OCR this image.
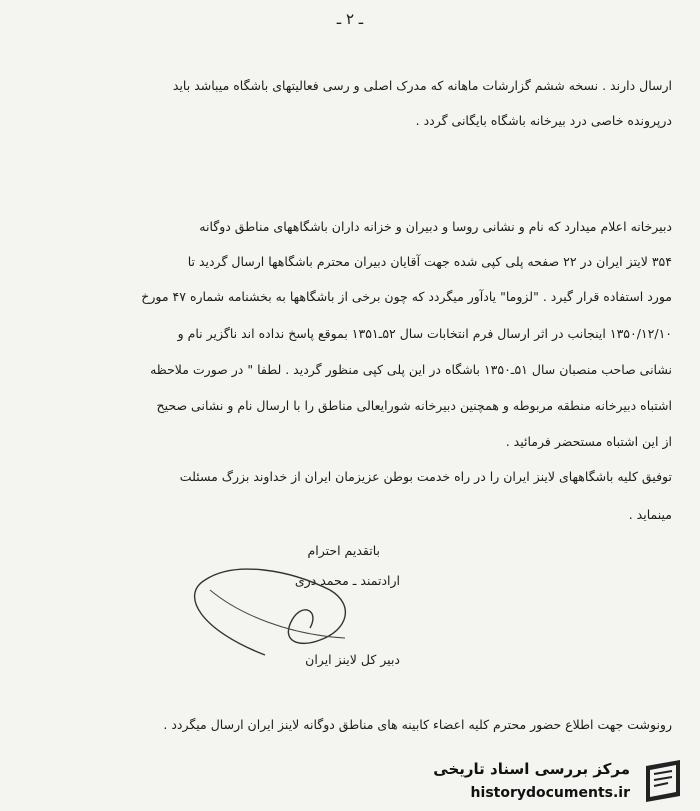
ـ ۲ ـ
ارسال دارند . نسخه ششم گزارشات ماهانه که مدرک اصلی و رسی فعالیتهای باشگاه میباشد باید
درپرونده خاصی درد بیرخانه باشگاه بایگانی گردد .
دبیرخانه اعلام میدارد که نام و نشانی روسا و دبیران و خزانه داران باشگاههای مناطق دوگانه
۳۵۴ لایتز ایران در ۲۲ صفحه پلی کپی شده جهت آقایان دبیران محترم باشگاهها ارسال گردید تا
مورد استفاده قرار گیرد . "لزوما" یادآور میگردد که چون برخی از باشگاهها به بخشنامه شماره ۴۷ مورخ
۱۳۵۰/۱۲/۱۰ اینجانب در اثر ارسال فرم انتخابات سال ۵۲ـ۱۳۵۱ بموقع پاسخ نداده اند ناگزیر نام و
نشانی صاحب منصبان سال ۵۱ـ۱۳۵۰ باشگاه در این پلی کپی منظور گردید . لطفا " در صورت ملاحظه
اشتباه دبیرخانه منطقه مربوطه و همچنین دبیرخانه شورایعالی مناطق را با ارسال نام و نشانی صحیح
از این اشتباه مستحضر فرمائید .
توفیق کلیه باشگاههای لاینز ایران را در راه خدمت بوطن عزیزمان ایران از خداوند بزرگ مسئلت
مینماید .
باتقدیم احترام
ارادتمند ـ محمد دری
دبیر کل لاینز ایران
رونوشت جهت اطلاع حضور محترم کلیه اعضاء کابینه های مناطق دوگانه لاینز ایران ارسال میگردد .
مرکز بررسی اسناد تاریخی
historydocuments.ir
